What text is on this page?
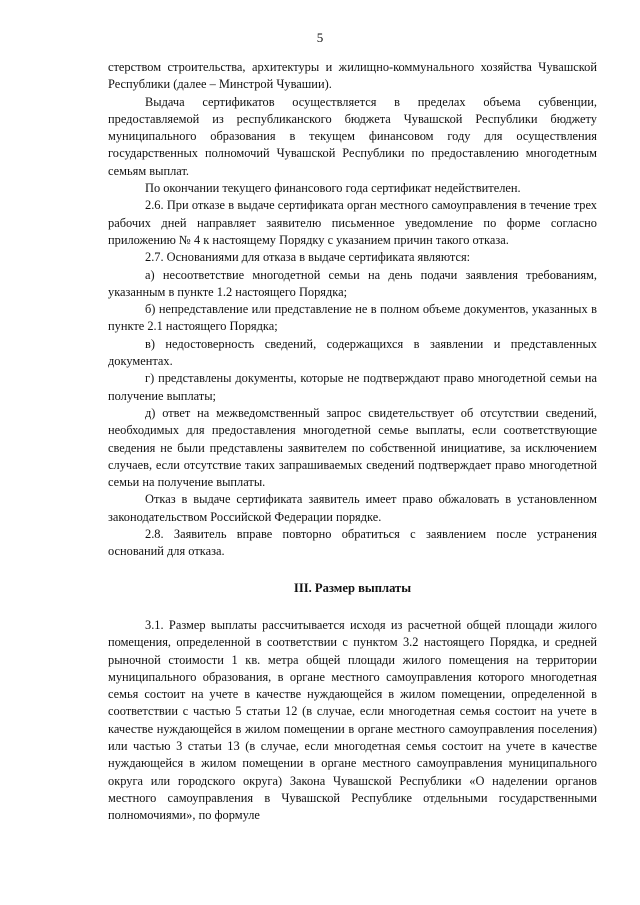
5

стерством строительства, архитектуры и жилищно-коммунального хозяйства Чувашской Республики (далее – Минстрой Чувашии).

Выдача сертификатов осуществляется в пределах объема субвенции, предоставляемой из республиканского бюджета Чувашской Республики бюджету муниципального образования в текущем финансовом году для осуществления государственных полномочий Чувашской Республики по предоставлению многодетным семьям выплат.

По окончании текущего финансового года сертификат недействителен.

2.6. При отказе в выдаче сертификата орган местного самоуправления в течение трех рабочих дней направляет заявителю письменное уведомление по форме согласно приложению № 4 к настоящему Порядку с указанием причин такого отказа.

2.7. Основаниями для отказа в выдаче сертификата являются:

а) несоответствие многодетной семьи на день подачи заявления требованиям, указанным в пункте 1.2 настоящего Порядка;

б) непредставление или представление не в полном объеме документов, указанных в пункте 2.1 настоящего Порядка;

в) недостоверность сведений, содержащихся в заявлении и представленных документах.

г) представлены документы, которые не подтверждают право многодетной семьи на получение выплаты;

д) ответ на межведомственный запрос свидетельствует об отсутствии сведений, необходимых для предоставления многодетной семье выплаты, если соответствующие сведения не были представлены заявителем по собственной инициативе, за исключением случаев, если отсутствие таких запрашиваемых сведений подтверждает право многодетной семьи на получение выплаты.

Отказ в выдаче сертификата заявитель имеет право обжаловать в установленном законодательством Российской Федерации порядке.

2.8. Заявитель вправе повторно обратиться с заявлением после устранения оснований для отказа.

III. Размер выплаты

3.1. Размер выплаты рассчитывается исходя из расчетной общей площади жилого помещения, определенной в соответствии с пунктом 3.2 настоящего Порядка, и средней рыночной стоимости 1 кв. метра общей площади жилого помещения на территории муниципального образования, в органе местного самоуправления которого многодетная семья состоит на учете в качестве нуждающейся в жилом помещении, определенной в соответствии с частью 5 статьи 12 (в случае, если многодетная семья состоит на учете в качестве нуждающейся в жилом помещении в органе местного самоуправления поселения) или частью 3 статьи 13 (в случае, если многодетная семья состоит на учете в качестве нуждающейся в жилом помещении в органе местного самоуправления муниципального округа или городского округа) Закона Чувашской Республики «О наделении органов местного самоуправления в Чувашской Республике отдельными государственными полномочиями», по формуле
